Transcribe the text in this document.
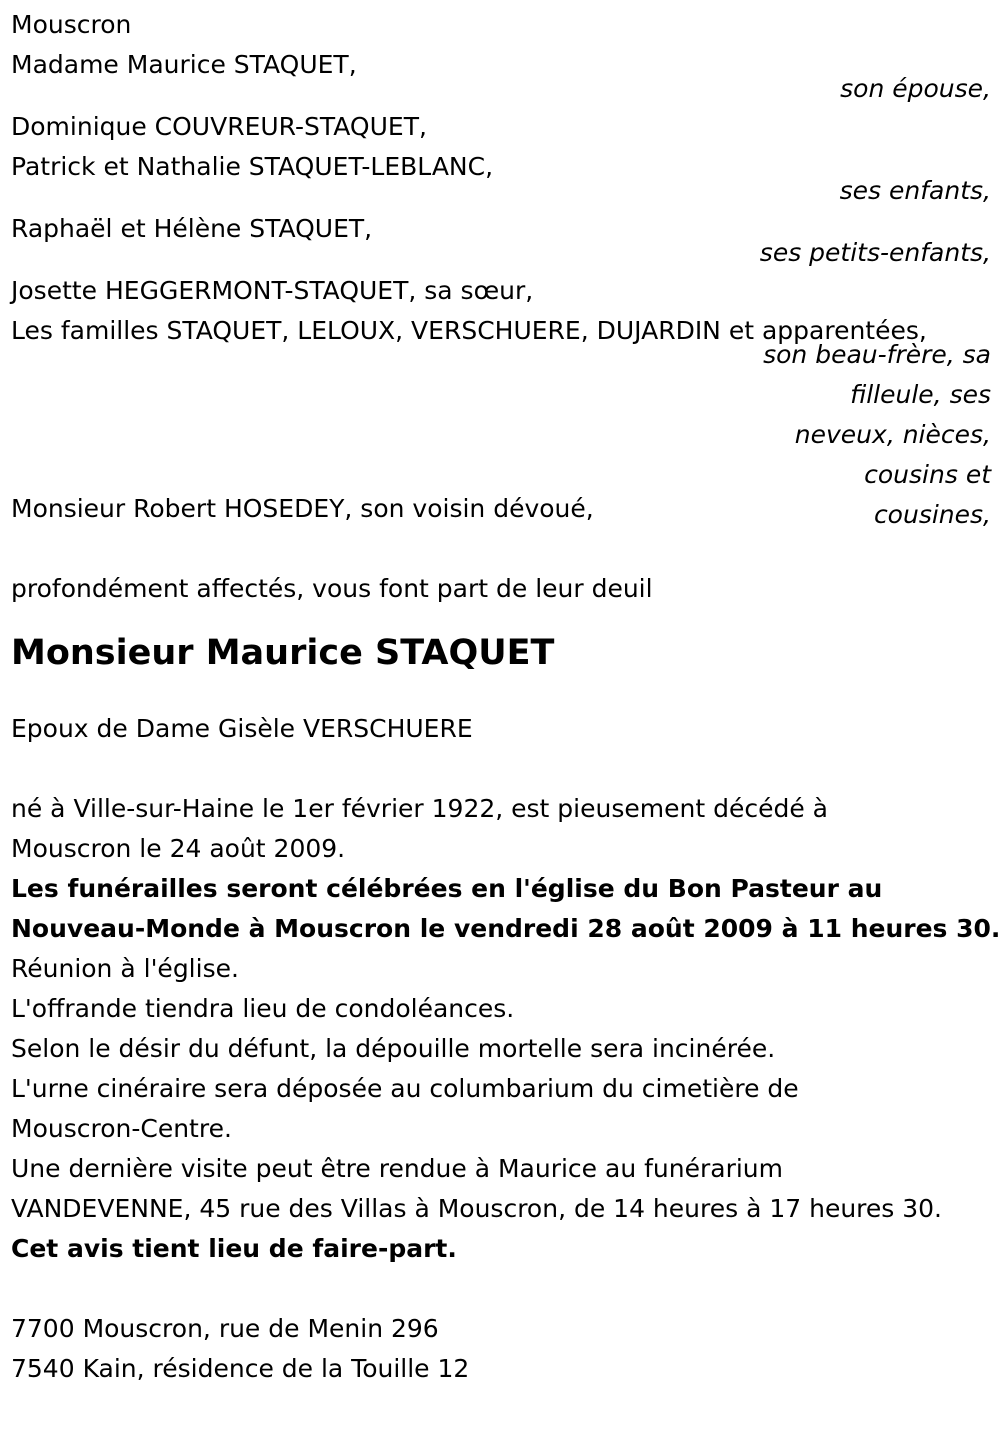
Mouscron
Madame Maurice STAQUET,
son épouse,
Dominique COUVREUR-STAQUET,
Patrick et Nathalie STAQUET-LEBLANC,
ses enfants,
Raphaël et Hélène STAQUET,
ses petits-enfants,
Josette HEGGERMONT-STAQUET, sa sœur,
Les familles STAQUET, LELOUX, VERSCHUERE, DUJARDIN et apparentées,
son beau-frère, sa filleule, ses neveux, nièces, cousins et cousines,
Monsieur Robert HOSEDEY, son voisin dévoué,
profondément affectés, vous font part de leur deuil
Monsieur Maurice STAQUET
Epoux de Dame Gisèle VERSCHUERE
né à Ville-sur-Haine le 1er février 1922, est pieusement décédé à
Mouscron le 24 août 2009.
Les funérailles seront célébrées en l'église du Bon Pasteur au
Nouveau-Monde à Mouscron le vendredi 28 août 2009 à 11 heures 30.
Réunion à l'église.
L'offrande tiendra lieu de condoléances.
Selon le désir du défunt, la dépouille mortelle sera incinérée.
L'urne cinéraire sera déposée au columbarium du cimetière de
Mouscron-Centre.
Une dernière visite peut être rendue à Maurice au funérarium
VANDEVENNE, 45 rue des Villas à Mouscron, de 14 heures à 17 heures 30.
Cet avis tient lieu de faire-part.
7700 Mouscron, rue de Menin 296
7540 Kain, résidence de la Touille 12
